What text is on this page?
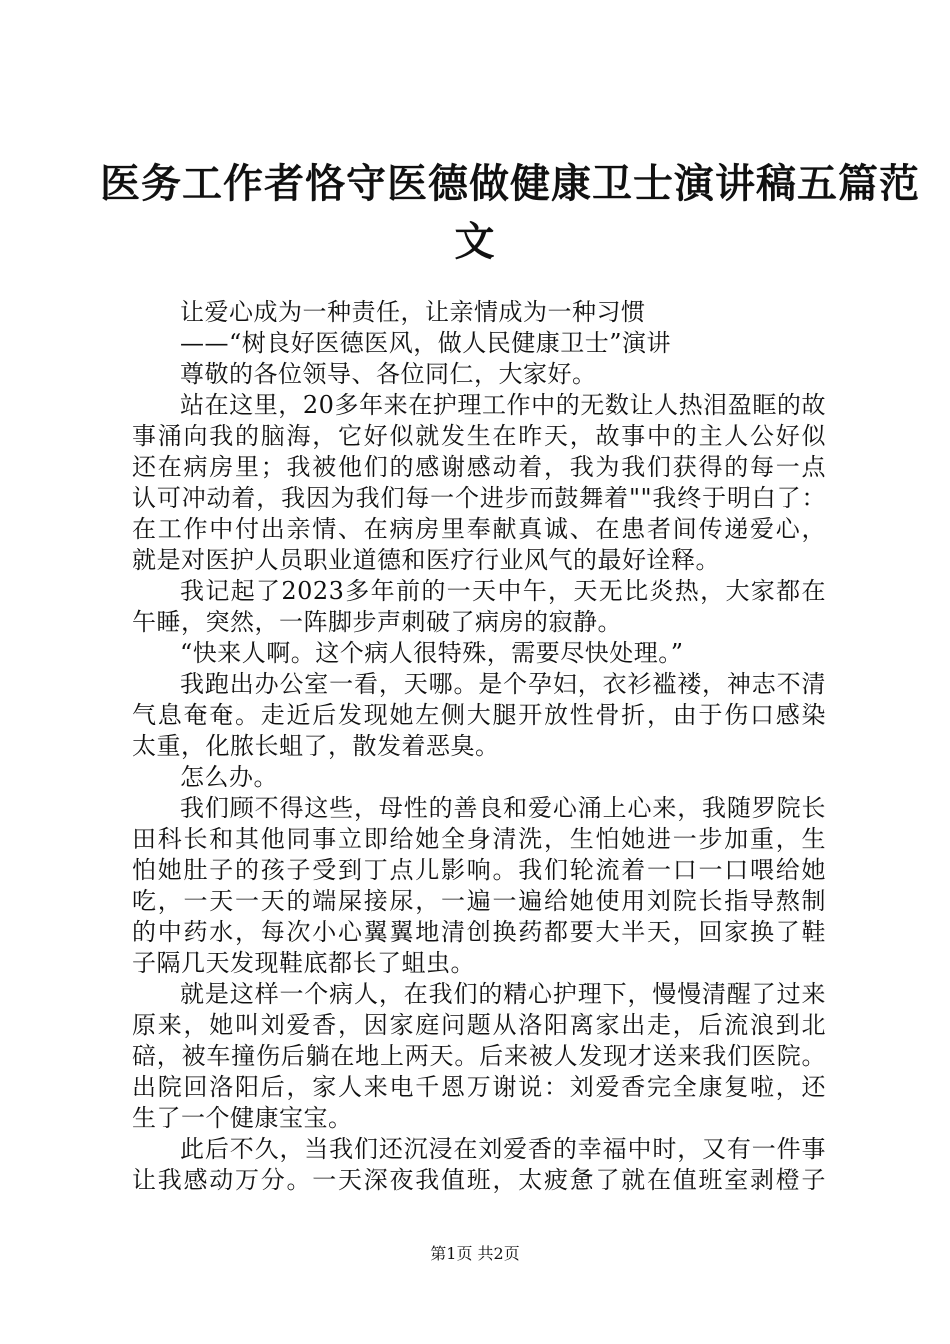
医务工作者恪守医德做健康卫士演讲稿五篇范
文
让爱心成为一种责任，让亲情成为一种习惯
——“树良好医德医风，做人民健康卫士”演讲
尊敬的各位领导、各位同仁，大家好。
站在这里，20多年来在护理工作中的无数让人热泪盈眶的故
事涌向我的脑海，它好似就发生在昨天，故事中的主人公好似
还在病房里；我被他们的感谢感动着，我为我们获得的每一点
认可冲动着，我因为我们每一个进步而鼓舞着""我终于明白了：
在工作中付出亲情、在病房里奉献真诚、在患者间传递爱心，
就是对医护人员职业道德和医疗行业风气的最好诠释。
我记起了2023多年前的一天中午，天无比炎热，大家都在
午睡，突然，一阵脚步声刺破了病房的寂静。
“快来人啊。这个病人很特殊，需要尽快处理。”
我跑出办公室一看，天哪。是个孕妇，衣衫褴褛，神志不清
气息奄奄。走近后发现她左侧大腿开放性骨折，由于伤口感染
太重，化脓长蛆了，散发着恶臭。
怎么办。
我们顾不得这些，母性的善良和爱心涌上心来，我随罗院长
田科长和其他同事立即给她全身清洗，生怕她进一步加重，生
怕她肚子的孩子受到丁点儿影响。我们轮流着一口一口喂给她
吃，一天一天的端屎接尿，一遍一遍给她使用刘院长指导熬制
的中药水，每次小心翼翼地清创换药都要大半天，回家换了鞋
子隔几天发现鞋底都长了蛆虫。
就是这样一个病人，在我们的精心护理下，慢慢清醒了过来
原来，她叫刘爱香，因家庭问题从洛阳离家出走，后流浪到北
碚，被车撞伤后躺在地上两天。后来被人发现才送来我们医院。
出院回洛阳后，家人来电千恩万谢说：刘爱香完全康复啦，还
生了一个健康宝宝。
此后不久，当我们还沉浸在刘爱香的幸福中时，又有一件事
让我感动万分。一天深夜我值班，太疲惫了就在值班室剥橙子
第1页 共2页
